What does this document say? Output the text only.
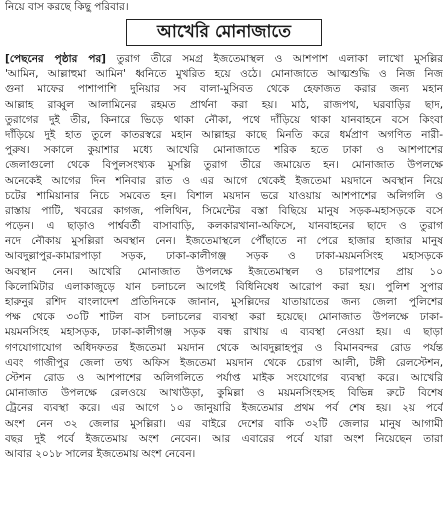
নিয়ে বাস করছে কিছু পরিবার।

আখেরি মোনাজাতে
[পেছনের পৃষ্ঠার পর] তুরাগ তীরে সমগ্র ইজতেমাস্থল ও আশপাশ এলাকা লাখো মুসল্লির
'আমিন, আল্লাহুমা আমিন' ধ্বনিতে মুখরিত হয়ে ওঠে। মোনাজাতে আত্মশুদ্ধি ও নিজ নিজ
গুনা মাফের পাশাপাশি দুনিয়ার সব বালা-মুসিবত থেকে হেফাজত করার জন্য মহান
আল্লাহ রাব্বুল আলামিনের রহমত প্রার্থনা করা হয়। মাঠ, রাজপথ, ঘরবাড়ির ছাদ,
তুরাগের দুই তীর, কিনারে ভিড়ে থাকা নৌকা, পথে দাঁড়িয়ে থাকা যানবাহনে বসে কিংবা
দাঁড়িয়ে দুই হাত তুলে কাতরস্বরে মহান আল্লাহর কাছে মিনতি করে ধর্মপ্রাণ অগণিত নারী-
পুরুষ। সকালে কুয়াশার মধ্যে আখেরি মোনাজাতে শরিক হতে ঢাকা ও আশপাশের
জেলাগুলো থেকে বিপুলসংখ্যক মুসল্লি তুরাগ তীরে জমায়েত হন। মোনাজাত উপলক্ষে
অনেকেই আগের দিন শনিবার রাত ও এর আগে থেকেই ইজতেমা ময়দানে অবস্থান নিয়ে
চটের শামিয়ানার নিচে সমবেত হন। বিশাল ময়দান ভরে যাওয়ায় আশপাশের অলিগলি ও
রাস্তায় পাটি, খবরের কাগজ, পলিথিন, সিমেন্টের বস্তা বিছিয়ে মানুষ সড়ক-মহাসড়কে বসে
পড়েন। এ ছাড়াও পার্শ্ববর্তী বাসাবাড়ি, কলকারখানা-অফিসে, যানবাহনের ছাদে ও তুরাগ
নদে নৌকায় মুসল্লিরা অবস্থান নেন। ইজতেমাস্থলে পৌঁছাতে না পেরে হাজার হাজার মানুষ
আবদুল্লাপুর-কামারপাড়া সড়ক, ঢাকা-কালীগঞ্জ সড়ক ও ঢাকা-ময়মনসিংহ মহাসড়কে
অবস্থান নেন। আখেরি মোনাজাত উপলক্ষে ইজতেমাস্থল ও চারপাশের প্রায় ১০
কিলোমিটার এলাকাজুড়ে যান চলাচলে আগেই বিধিনিষেধ আরোপ করা হয়। পুলিশ সুপার
হারুনুর রশিদ বাংলাদেশ প্রতিদিনকে জানান, মুসল্লিদের যাতায়াতের জন্য জেলা পুলিশের
পক্ষ থেকে ৩০টি শাটল বাস চলাচলের ব্যবস্থা করা হয়েছে। মোনাজাত উপলক্ষে ঢাকা-
ময়মনসিংহ মহাসড়ক, ঢাকা-কালীগঞ্জ সড়ক বন্ধ রাখায় এ ব্যবস্থা নেওয়া হয়। এ ছাড়া
গণযোগাযোগ অধিদফতর ইজতেমা ময়দান থেকে আবদুল্লাহপুর ও বিমানবন্দর রোড পর্যন্ত
এবং গাজীপুর জেলা তথ্য অফিস ইজতেমা ময়দান থেকে চেরাগ আলী, টঙ্গী রেলস্টেশন,
স্টেশন রোড ও আশপাশের অলিগলিতে পর্যাপ্ত মাইক সংযোগের ব্যবস্থা করে। আখেরি
মোনাজাত উপলক্ষে রেলওয়ে আখাউড়া, কুমিল্লা ও ময়মনসিংহসহ বিভিন্ন রুটে বিশেষ
ট্রেনের ব্যবস্থা করে। এর আগে ১০ জানুয়ারি ইজতেমার প্রথম পর্ব শেষ হয়। ২য় পর্বে
অংশ নেন ৩২ জেলার মুসল্লিরা। এর বাইরে দেশের বাকি ৩২টি জেলার মানুষ আগামী
বছর দুই পর্বে ইজতেমায় অংশ নেবেন। আর এবারের পর্বে যারা অংশ নিয়েছেন তারা
আবার ২০১৮ সালের ইজতেমায় অংশ নেবেন।
